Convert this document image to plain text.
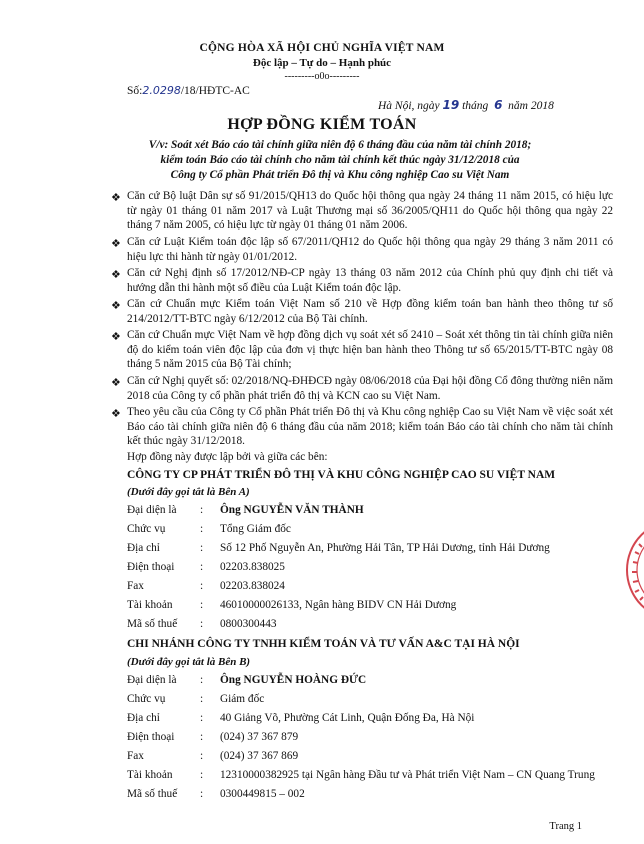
CỘNG HÒA XÃ HỘI CHỦ NGHĨA VIỆT NAM
Độc lập – Tự do – Hạnh phúc
---------o0o---------
Số:2.0298/18/HĐTC-AC
Hà Nội, ngày 19 tháng 6 năm 2018
HỢP ĐỒNG KIỂM TOÁN
V/v: Soát xét Báo cáo tài chính giữa niên độ 6 tháng đầu của năm tài chính 2018;
kiểm toán Báo cáo tài chính cho năm tài chính kết thúc ngày 31/12/2018 của
Công ty Cổ phần Phát triển Đô thị và Khu công nghiệp Cao su Việt Nam
❖ Căn cứ Bộ luật Dân sự số 91/2015/QH13 do Quốc hội thông qua ngày 24 tháng 11 năm 2015, có hiệu lực từ ngày 01 tháng 01 năm 2017 và Luật Thương mại số 36/2005/QH11 do Quốc hội thông qua ngày 22 tháng 7 năm 2005, có hiệu lực từ ngày 01 tháng 01 năm 2006.
❖ Căn cứ Luật Kiểm toán độc lập số 67/2011/QH12 do Quốc hội thông qua ngày 29 tháng 3 năm 2011 có hiệu lực thi hành từ ngày 01/01/2012.
❖ Căn cứ Nghị định số 17/2012/NĐ-CP ngày 13 tháng 03 năm 2012 của Chính phủ quy định chi tiết và hướng dẫn thi hành một số điều của Luật Kiểm toán độc lập.
❖ Căn cứ Chuẩn mực Kiểm toán Việt Nam số 210 về Hợp đồng kiểm toán ban hành theo thông tư số 214/2012/TT-BTC ngày 6/12/2012 của Bộ Tài chính.
❖ Căn cứ Chuẩn mực Việt Nam về hợp đồng dịch vụ soát xét số 2410 – Soát xét thông tin tài chính giữa niên độ do kiểm toán viên độc lập của đơn vị thực hiện ban hành theo Thông tư số 65/2015/TT-BTC ngày 08 tháng 5 năm 2015 của Bộ Tài chính;
❖ Căn cứ Nghị quyết số: 02/2018/NQ-ĐHĐCĐ ngày 08/06/2018 của Đại hội đồng Cổ đông thường niên năm 2018 của Công ty cổ phần phát triển đô thị và KCN cao su Việt Nam.
❖ Theo yêu cầu của Công ty Cổ phần Phát triển Đô thị và Khu công nghiệp Cao su Việt Nam về việc soát xét Báo cáo tài chính giữa niên độ 6 tháng đầu của năm 2018; kiểm toán Báo cáo tài chính cho năm tài chính kết thúc ngày 31/12/2018.
Hợp đồng này được lập bởi và giữa các bên:
CÔNG TY CP PHÁT TRIỂN ĐÔ THỊ VÀ KHU CÔNG NGHIỆP CAO SU VIỆT NAM
(Dưới đây gọi tắt là Bên A)
Đại diện là : Ông NGUYỄN VĂN THÀNH
Chức vụ	: Tổng Giám đốc
Địa chỉ	: Số 12 Phố Nguyễn An, Phường Hải Tân, TP Hải Dương, tỉnh Hải Dương
Điện thoại : 02203.838025
Fax	: 02203.838024
Tài khoản : 46010000026133, Ngân hàng BIDV CN Hải Dương
Mã số thuế : 0800300443
CHI NHÁNH CÔNG TY TNHH KIỂM TOÁN VÀ TƯ VẤN A&C TẠI HÀ NỘI
(Dưới đây gọi tắt là Bên B)
Đại diện là : Ông NGUYỄN HOÀNG ĐỨC
Chức vụ	: Giám đốc
Địa chỉ	: 40 Giảng Võ, Phường Cát Linh, Quận Đống Đa, Hà Nội
Điện thoại : (024) 37 367 879
Fax	: (024) 37 367 869
Tài khoản : 12310000382925 tại Ngân hàng Đầu tư và Phát triển Việt Nam – CN Quang Trung
Mã số thuế : 0300449815 – 002
Trang 1
